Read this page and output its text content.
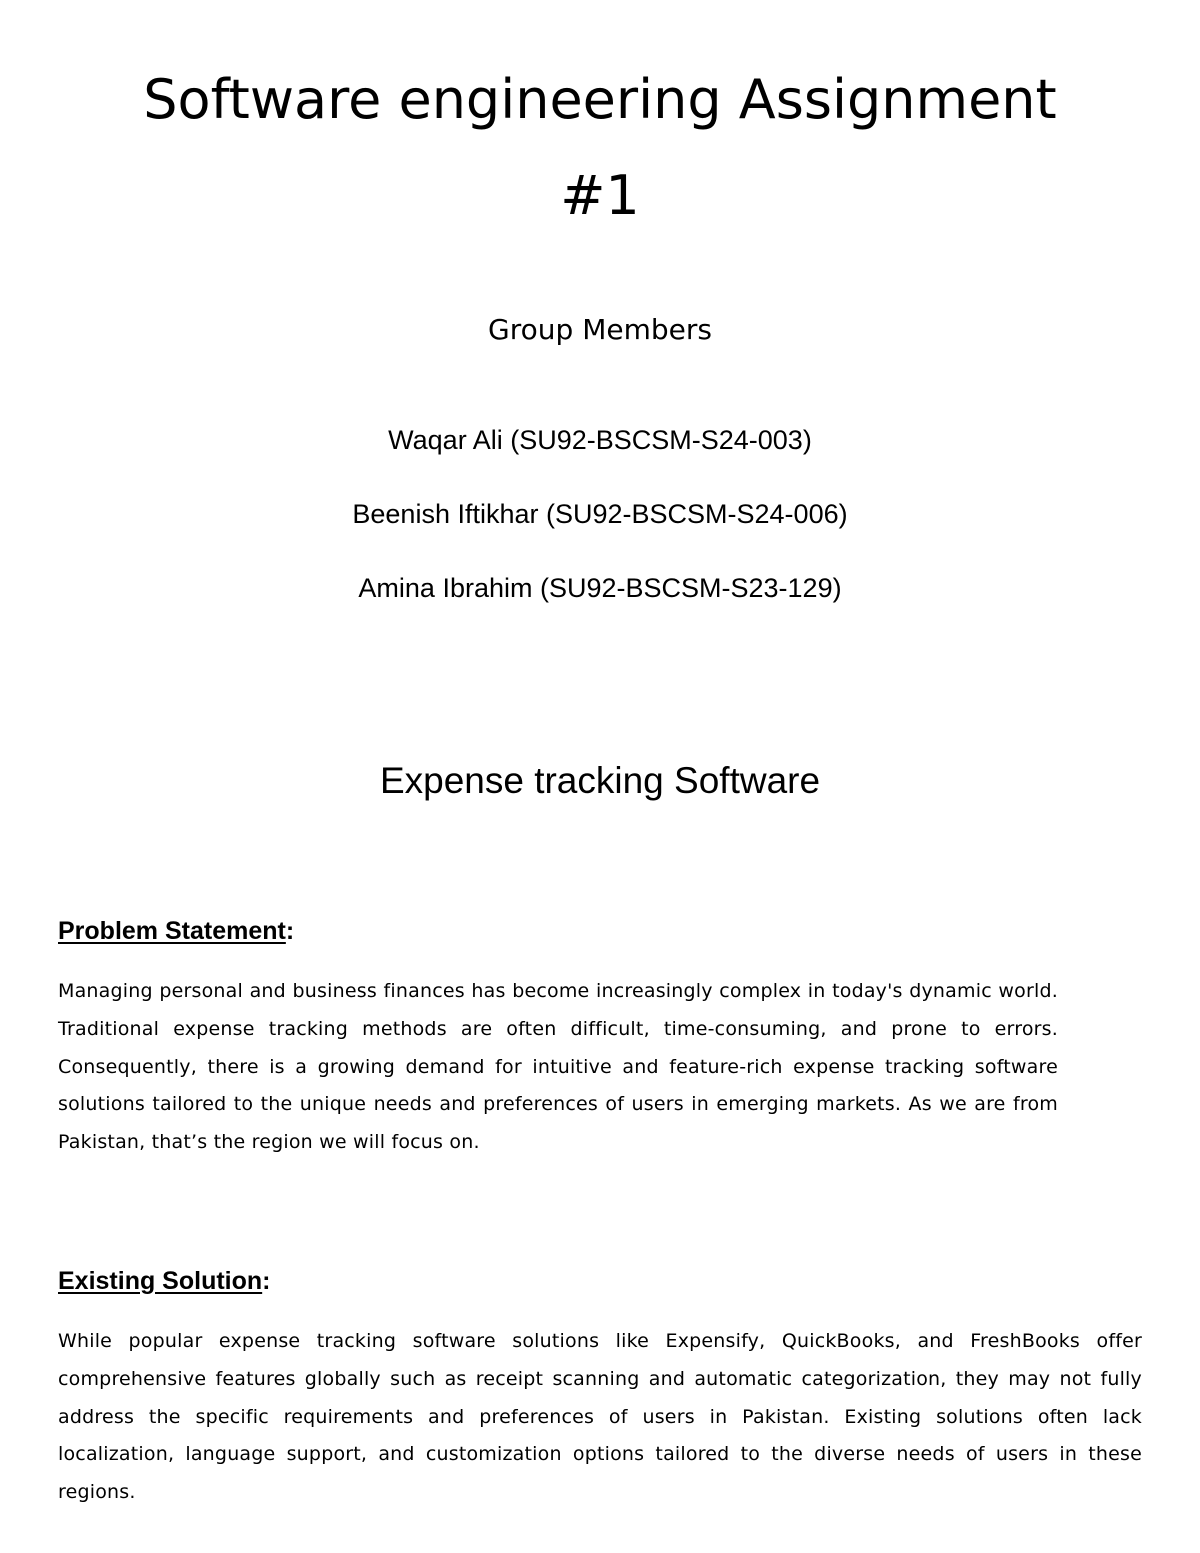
Software engineering Assignment
#1
Group Members
Waqar Ali (SU92-BSCSM-S24-003)
Beenish Iftikhar (SU92-BSCSM-S24-006)
Amina Ibrahim (SU92-BSCSM-S23-129)
Expense tracking Software
Problem Statement:

Managing personal and business finances has become increasingly complex in today's dynamic world. Traditional expense tracking methods are often difficult, time-consuming, and prone to errors. Consequently, there is a growing demand for intuitive and feature-rich expense tracking software solutions tailored to the unique needs and preferences of users in emerging markets. As we are from Pakistan, that’s the region we will focus on.

Existing Solution:

While popular expense tracking software solutions like Expensify, QuickBooks, and FreshBooks offer comprehensive features globally such as receipt scanning and automatic categorization, they may not fully address the specific requirements and preferences of users in Pakistan. Existing solutions often lack localization, language support, and customization options tailored to the diverse needs of users in these regions.
